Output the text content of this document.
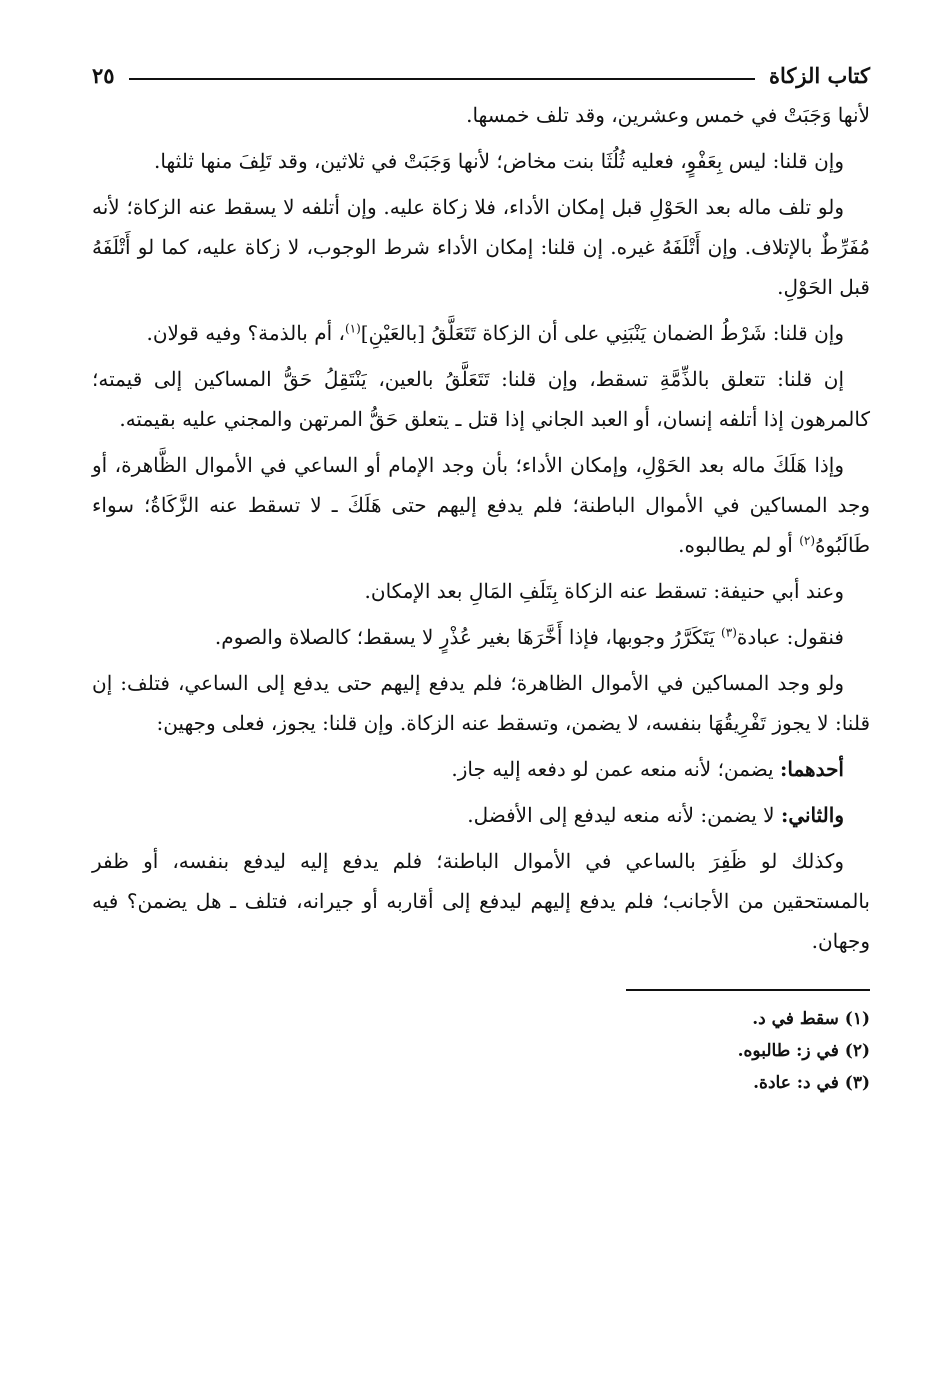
كتاب الزكاة
٢٥

لأنها وَجَبَتْ في خمس وعشرين، وقد تلف خمسها.

وإن قلنا: ليس بِعَفْوٍ، فعليه ثُلُثَا بنت مخاض؛ لأنها وَجَبَتْ في ثلاثين، وقد تَلِفَ منها ثلثها.

ولو تلف ماله بعد الحَوْلِ قبل إمكان الأداء، فلا زكاة عليه. وإن أتلفه لا يسقط عنه الزكاة؛ لأنه مُفَرِّطٌ بالإتلاف. وإن أَتْلَفَهُ غيره. إن قلنا: إمكان الأداء شرط الوجوب، لا زكاة عليه، كما لو أَتْلَفَهُ قبل الحَوْلِ.

وإن قلنا: شَرْطُ الضمان يَنْبَنِي على أن الزكاة تَتَعَلَّقُ [بالعَيْنِ]$^{(١)}$، أم بالذمة؟ وفيه قولان.

إن قلنا: تتعلق بالذِّمَّةِ تسقط، وإن قلنا: تَتَعَلَّقُ بالعين، يَنْتَقِلُ حَقُّ المساكين إلى قيمته؛ كالمرهون إذا أتلفه إنسان، أو العبد الجاني إذا قتل ـ يتعلق حَقُّ المرتهن والمجني عليه بقيمته.

وإذا هَلَكَ ماله بعد الحَوْلِ، وإمكان الأداء؛ بأن وجد الإمام أو الساعي في الأموال الظَّاهرة، أو وجد المساكين في الأموال الباطنة؛ فلم يدفع إليهم حتى هَلَكَ ـ لا تسقط عنه الزَّكَاةُ؛ سواء طَالَبُوهُ$^{(٢)}$ أو لم يطالبوه.

وعند أبي حنيفة: تسقط عنه الزكاة بِتَلَفِ المَالِ بعد الإمكان.

فنقول: عبادة$^{(٣)}$ يَتَكَرَّرُ وجوبها، فإذا أَخَّرَهَا بغير عُذْرٍ لا يسقط؛ كالصلاة والصوم.

ولو وجد المساكين في الأموال الظاهرة؛ فلم يدفع إليهم حتى يدفع إلى الساعي، فتلف: إن قلنا: لا يجوز تَفْرِيقُهَا بنفسه، لا يضمن، وتسقط عنه الزكاة. وإن قلنا: يجوز، فعلى وجهين:

أحدهما: يضمن؛ لأنه منعه عمن لو دفعه إليه جاز.

والثاني: لا يضمن: لأنه منعه ليدفع إلى الأفضل.

وكذلك لو ظَفِرَ بالساعي في الأموال الباطنة؛ فلم يدفع إليه ليدفع بنفسه، أو ظفر بالمستحقين من الأجانب؛ فلم يدفع إليهم ليدفع إلى أقاربه أو جيرانه، فتلف ـ هل يضمن؟ فيه وجهان.

(١) سقط في د.

(٢) في ز: طالبوه.

(٣) في د: عادة.
